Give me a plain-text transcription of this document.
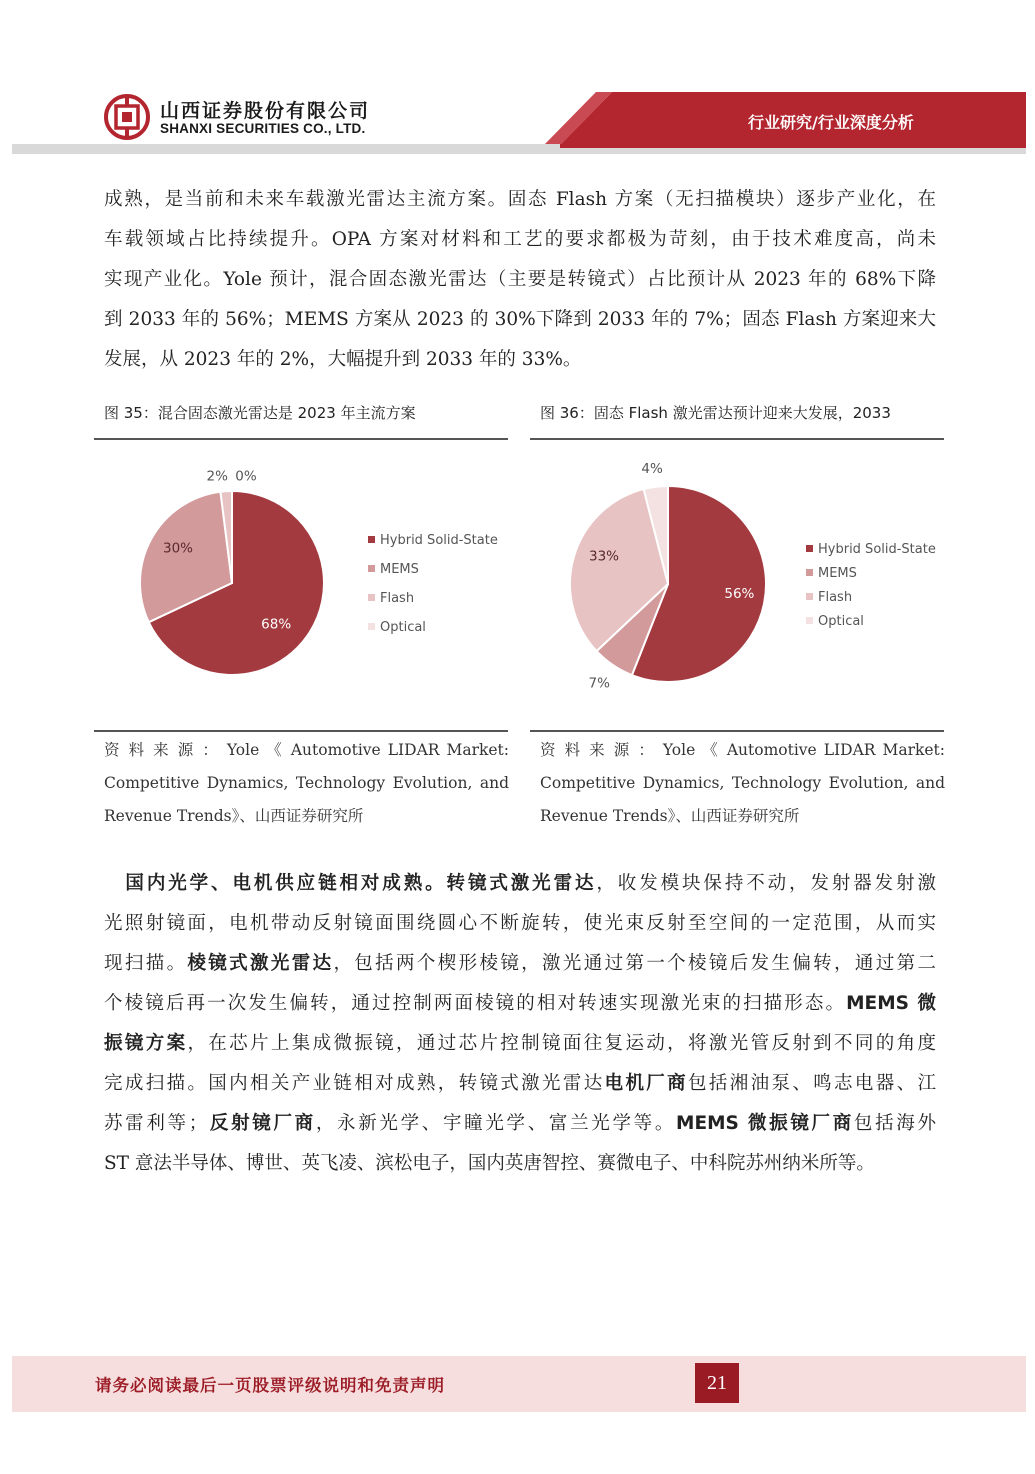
山西证券股份有限公司
SHANXI SECURITIES CO., LTD.	行业研究/行业深度分析
成熟，是当前和未来车载激光雷达主流方案。固态 Flash 方案（无扫描模块）逐步产业化，在
车载领域占比持续提升。OPA 方案对材料和工艺的要求都极为苛刻，由于技术难度高，尚未
实现产业化。Yole 预计，混合固态激光雷达（主要是转镜式）占比预计从 2023 年的 68%下降
到 2033 年的 56%；MEMS 方案从 2023 的 30%下降到 2033 年的 7%；固态 Flash 方案迎来大
发展，从 2023 年的 2%，大幅提升到 2033 年的 33%。
图 35：混合固态激光雷达是 2023 年主流方案	图 36：固态 Flash 激光雷达预计迎来大发展，2033
68%
30%
2% 0%
Hybrid Solid-State
MEMS
Flash
Optical
56%
7%
33%
4%
Hybrid Solid-State
MEMS
Flash
Optical
资 料 来 源 ： Yole 《 Automotive LIDAR Market:
Competitive Dynamics, Technology Evolution, and
Revenue Trends》、山西证券研究所
资 料 来 源 ： Yole 《 Automotive LIDAR Market:
Competitive Dynamics, Technology Evolution, and
Revenue Trends》、山西证券研究所
　国内光学、电机供应链相对成熟。转镜式激光雷达，收发模块保持不动，发射器发射激
光照射镜面，电机带动反射镜面围绕圆心不断旋转，使光束反射至空间的一定范围，从而实
现扫描。棱镜式激光雷达，包括两个楔形棱镜，激光通过第一个棱镜后发生偏转，通过第二
个棱镜后再一次发生偏转，通过控制两面棱镜的相对转速实现激光束的扫描形态。MEMS 微
振镜方案，在芯片上集成微振镜，通过芯片控制镜面往复运动，将激光管反射到不同的角度
完成扫描。国内相关产业链相对成熟，转镜式激光雷达电机厂商包括湘油泵、鸣志电器、江
苏雷利等；反射镜厂商，永新光学、宇瞳光学、富兰光学等。MEMS 微振镜厂商包括海外
ST 意法半导体、博世、英飞凌、滨松电子，国内英唐智控、赛微电子、中科院苏州纳米所等。
请务必阅读最后一页股票评级说明和免责声明	21
